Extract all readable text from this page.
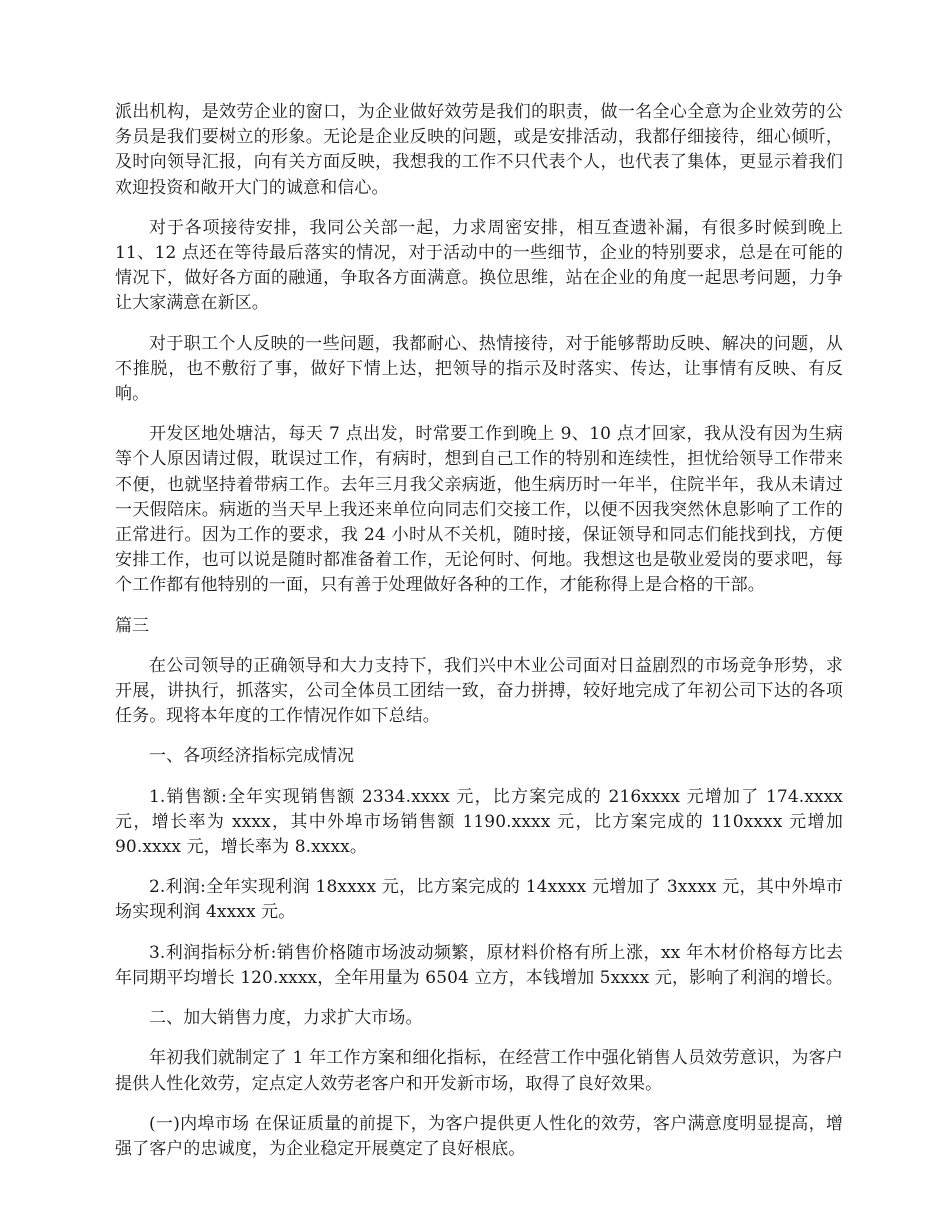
派出机构，是效劳企业的窗口，为企业做好效劳是我们的职责，做一名全心全意为企业效劳的公务员是我们要树立的形象。无论是企业反映的问题，或是安排活动，我都仔细接待，细心倾听，及时向领导汇报，向有关方面反映，我想我的工作不只代表个人，也代表了集体，更显示着我们欢迎投资和敞开大门的诚意和信心。

对于各项接待安排，我同公关部一起，力求周密安排，相互查遗补漏，有很多时候到晚上 11、12 点还在等待最后落实的情况，对于活动中的一些细节，企业的特别要求，总是在可能的情况下，做好各方面的融通，争取各方面满意。换位思维，站在企业的角度一起思考问题，力争让大家满意在新区。

对于职工个人反映的一些问题，我都耐心、热情接待，对于能够帮助反映、解决的问题，从不推脱，也不敷衍了事，做好下情上达，把领导的指示及时落实、传达，让事情有反映、有反响。

开发区地处塘沽，每天 7 点出发，时常要工作到晚上 9、10 点才回家，我从没有因为生病等个人原因请过假，耽误过工作，有病时，想到自己工作的特别和连续性，担忧给领导工作带来不便，也就坚持着带病工作。去年三月我父亲病逝，他生病历时一年半，住院半年，我从未请过一天假陪床。病逝的当天早上我还来单位向同志们交接工作，以便不因我突然休息影响了工作的正常进行。因为工作的要求，我 24 小时从不关机，随时接，保证领导和同志们能找到找，方便安排工作，也可以说是随时都准备着工作，无论何时、何地。我想这也是敬业爱岗的要求吧，每个工作都有他特别的一面，只有善于处理做好各种的工作，才能称得上是合格的干部。

篇三

在公司领导的正确领导和大力支持下，我们兴中木业公司面对日益剧烈的市场竞争形势，求开展，讲执行，抓落实，公司全体员工团结一致，奋力拼搏，较好地完成了年初公司下达的各项任务。现将本年度的工作情况作如下总结。

一、各项经济指标完成情况

1.销售额:全年实现销售额 2334.xxxx 元，比方案完成的 216xxxx 元增加了 174.xxxx 元，增长率为 xxxx，其中外埠市场销售额 1190.xxxx 元，比方案完成的 110xxxx 元增加 90.xxxx 元，增长率为 8.xxxx。

2.利润:全年实现利润 18xxxx 元，比方案完成的 14xxxx 元增加了 3xxxx 元，其中外埠市场实现利润 4xxxx 元。

3.利润指标分析:销售价格随市场波动频繁，原材料价格有所上涨，xx 年木材价格每方比去年同期平均增长 120.xxxx，全年用量为 6504 立方，本钱增加 5xxxx 元，影响了利润的增长。

二、加大销售力度，力求扩大市场。

年初我们就制定了 1 年工作方案和细化指标，在经营工作中强化销售人员效劳意识，为客户提供人性化效劳，定点定人效劳老客户和开发新市场，取得了良好效果。

(一)内埠市场 在保证质量的前提下，为客户提供更人性化的效劳，客户满意度明显提高，增强了客户的忠诚度，为企业稳定开展奠定了良好根底。
